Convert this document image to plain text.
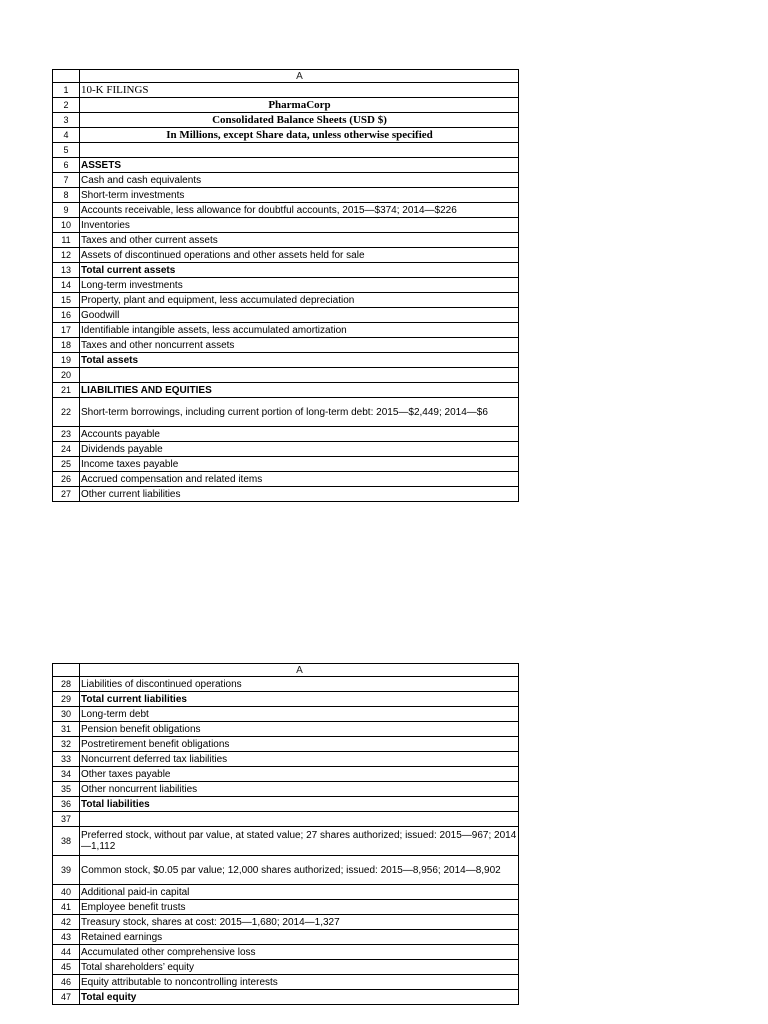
	A
1	10-K FILINGS
2	PharmaCorp
3	Consolidated Balance Sheets (USD $)
4	In Millions, except Share data, unless otherwise specified
5	
6	ASSETS
7	Cash and cash equivalents
8	Short-term investments
9	Accounts receivable, less allowance for doubtful accounts, 2015—$374; 2014—$226
10	Inventories
11	Taxes and other current assets
12	Assets of discontinued operations and other assets held for sale
13	Total current assets
14	Long-term investments
15	Property, plant and equipment, less accumulated depreciation
16	Goodwill
17	Identifiable intangible assets, less accumulated amortization
18	Taxes and other noncurrent assets
19	Total assets
20	
21	LIABILITIES AND EQUITIES
22	Short-term borrowings, including current portion of long-term debt: 2015—$2,449; 2014—$6
23	Accounts payable
24	Dividends payable
25	Income taxes payable
26	Accrued compensation and related items
27	Other current liabilities
	A
28	Liabilities of discontinued operations
29	Total current liabilities
30	Long-term debt
31	Pension benefit obligations
32	Postretirement benefit obligations
33	Noncurrent deferred tax liabilities
34	Other taxes payable
35	Other noncurrent liabilities
36	Total liabilities
37	
38	Preferred stock, without par value, at stated value; 27 shares authorized; issued: 2015—967; 2014—1,112
39	Common stock, $0.05 par value; 12,000 shares authorized; issued: 2015—8,956; 2014—8,902
40	Additional paid-in capital
41	Employee benefit trusts
42	Treasury stock, shares at cost: 2015—1,680; 2014—1,327
43	Retained earnings
44	Accumulated other comprehensive loss
45	Total shareholders’ equity
46	Equity attributable to noncontrolling interests
47	Total equity
